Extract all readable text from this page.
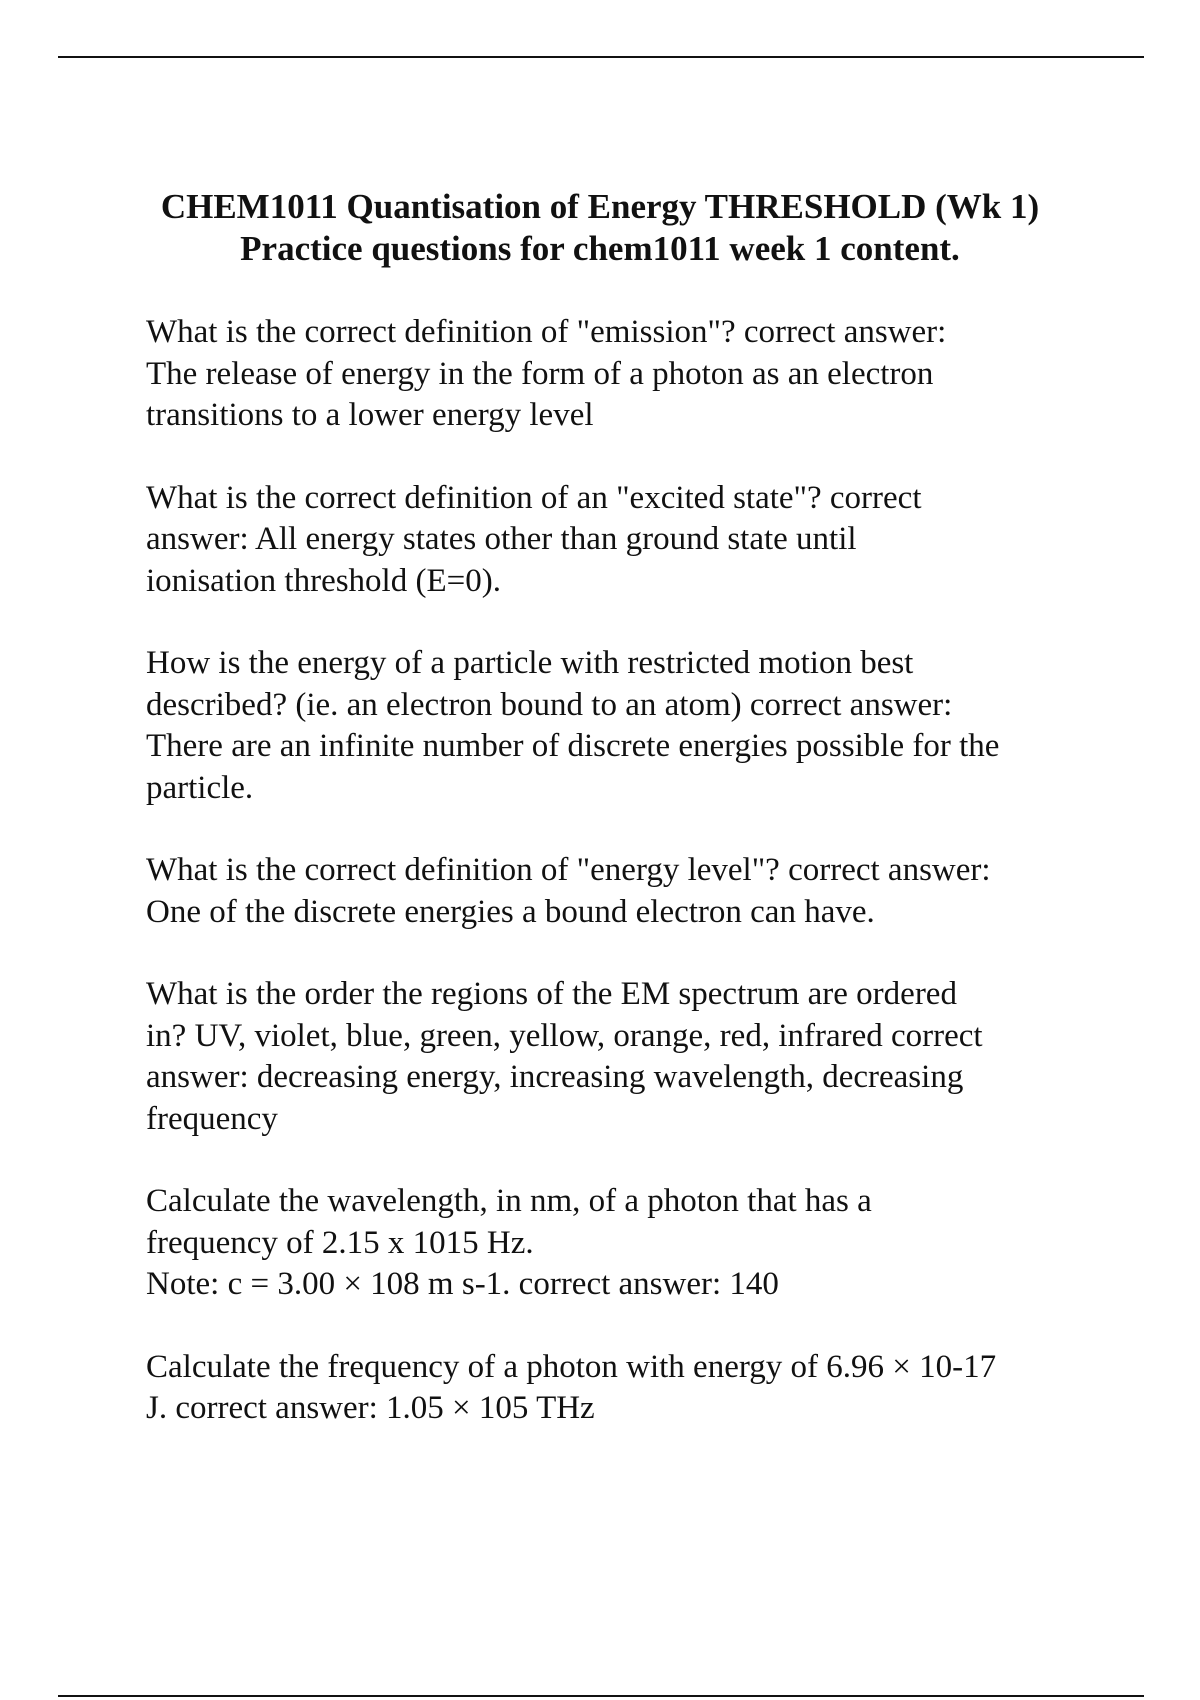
CHEM1011 Quantisation of Energy THRESHOLD (Wk 1)
Practice questions for chem1011 week 1 content.
What is the correct definition of "emission"? correct answer:
The release of energy in the form of a photon as an electron
transitions to a lower energy level
What is the correct definition of an "excited state"? correct
answer: All energy states other than ground state until
ionisation threshold (E=0).
How is the energy of a particle with restricted motion best
described? (ie. an electron bound to an atom) correct answer:
There are an infinite number of discrete energies possible for the
particle.
What is the correct definition of "energy level"? correct answer:
One of the discrete energies a bound electron can have.
What is the order the regions of the EM spectrum are ordered
in? UV, violet, blue, green, yellow, orange, red, infrared correct
answer: decreasing energy, increasing wavelength, decreasing
frequency
Calculate the wavelength, in nm, of a photon that has a
frequency of 2.15 x 1015 Hz.
Note: c = 3.00 × 108 m s-1. correct answer: 140
Calculate the frequency of a photon with energy of 6.96 × 10-17
J. correct answer: 1.05 × 105 THz
